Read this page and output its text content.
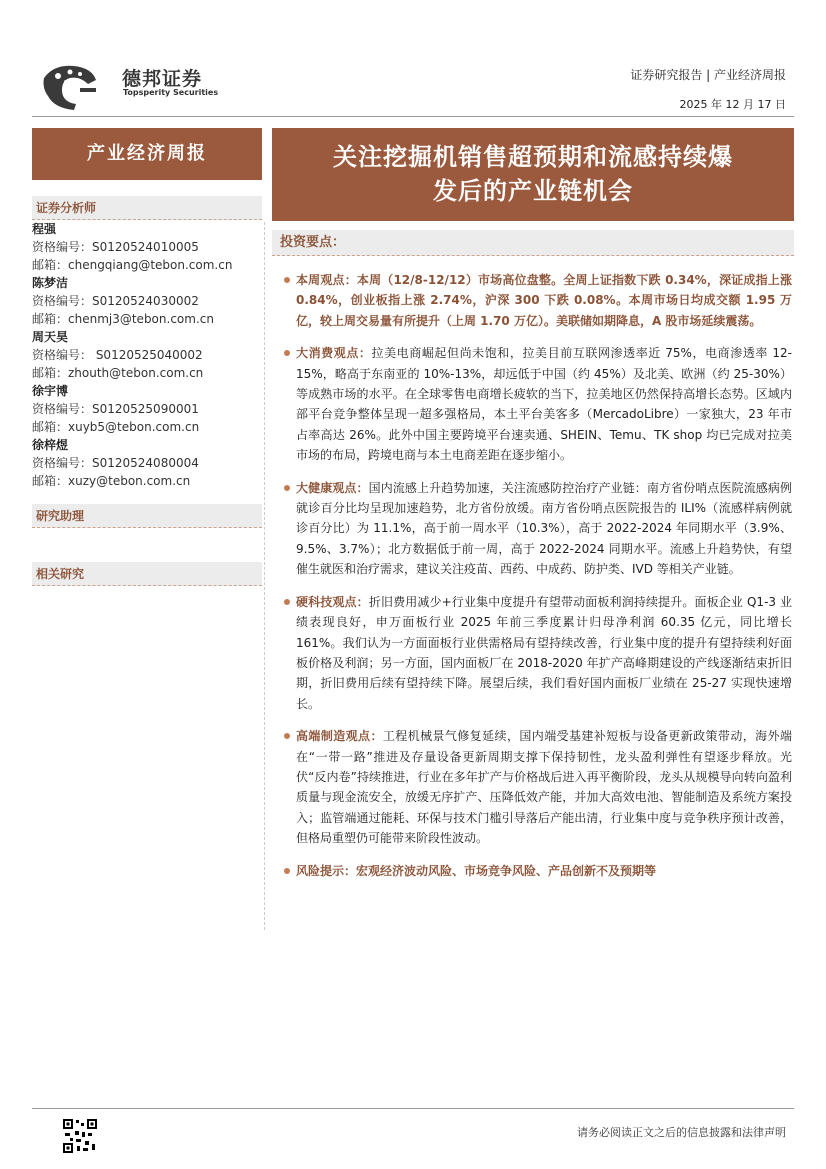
德邦证券
Topsperity Securities
证券研究报告 | 产业经济周报
2025 年 12 月 17 日
产业经济周报	关注挖掘机销售超预期和流感持续爆
发后的产业链机会
证券分析师
程强
资格编号：S0120524010005
邮箱：chengqiang@tebon.com.cn
陈梦洁
资格编号：S0120524030002
邮箱：chenmj3@tebon.com.cn
周天昊
资格编号： S0120525040002
邮箱：zhouth@tebon.com.cn
徐宇博
资格编号：S0120525090001
邮箱：xuyb5@tebon.com.cn
徐梓煜
资格编号：S0120524080004
邮箱：xuzy@tebon.com.cn
研究助理
相关研究
投资要点：
本周观点：本周（12/8-12/12）市场高位盘整。全周上证指数下跌 0.34%，深证成指上涨 0.84%，创业板指上涨 2.74%，沪深 300 下跌 0.08%。本周市场日均成交额 1.95 万亿，较上周交易量有所提升（上周 1.70 万亿）。美联储如期降息，A 股市场延续震荡。
大消费观点：拉美电商崛起但尚未饱和，拉美目前互联网渗透率近 75%，电商渗透率 12-15%，略高于东南亚的 10%-13%，却远低于中国（约 45%）及北美、欧洲（约 25-30%）等成熟市场的水平。在全球零售电商增长疲软的当下，拉美地区仍然保持高增长态势。区域内部平台竞争整体呈现一超多强格局，本土平台美客多（MercadoLibre）一家独大，23 年市占率高达 26%。此外中国主要跨境平台速卖通、SHEIN、Temu、TK shop 均已完成对拉美市场的布局，跨境电商与本土电商差距在逐步缩小。
大健康观点：国内流感上升趋势加速，关注流感防控治疗产业链：南方省份哨点医院流感病例就诊百分比均呈现加速趋势，北方省份放缓。南方省份哨点医院报告的 ILI%（流感样病例就诊百分比）为 11.1%，高于前一周水平（10.3%），高于 2022-2024 年同期水平（3.9%、9.5%、3.7%）；北方数据低于前一周，高于 2022-2024 同期水平。流感上升趋势快，有望催生就医和治疗需求，建议关注疫苗、西药、中成药、防护类、IVD 等相关产业链。
硬科技观点：折旧费用减少+行业集中度提升有望带动面板利润持续提升。面板企业 Q1-3 业绩表现良好，申万面板行业 2025 年前三季度累计归母净利润 60.35 亿元，同比增长 161%。我们认为一方面面板行业供需格局有望持续改善，行业集中度的提升有望持续利好面板价格及利润；另一方面，国内面板厂在 2018-2020 年扩产高峰期建设的产线逐渐结束折旧期，折旧费用后续有望持续下降。展望后续，我们看好国内面板厂业绩在 25-27 实现快速增长。
高端制造观点：工程机械景气修复延续，国内端受基建补短板与设备更新政策带动，海外端在“一带一路”推进及存量设备更新周期支撑下保持韧性，龙头盈利弹性有望逐步释放。光伏“反内卷”持续推进，行业在多年扩产与价格战后进入再平衡阶段，龙头从规模导向转向盈利质量与现金流安全，放缓无序扩产、压降低效产能，并加大高效电池、智能制造及系统方案投入；监管端通过能耗、环保与技术门槛引导落后产能出清，行业集中度与竞争秩序预计改善，但格局重塑仍可能带来阶段性波动。
风险提示：宏观经济波动风险、市场竞争风险、产品创新不及预期等
请务必阅读正文之后的信息披露和法律声明
